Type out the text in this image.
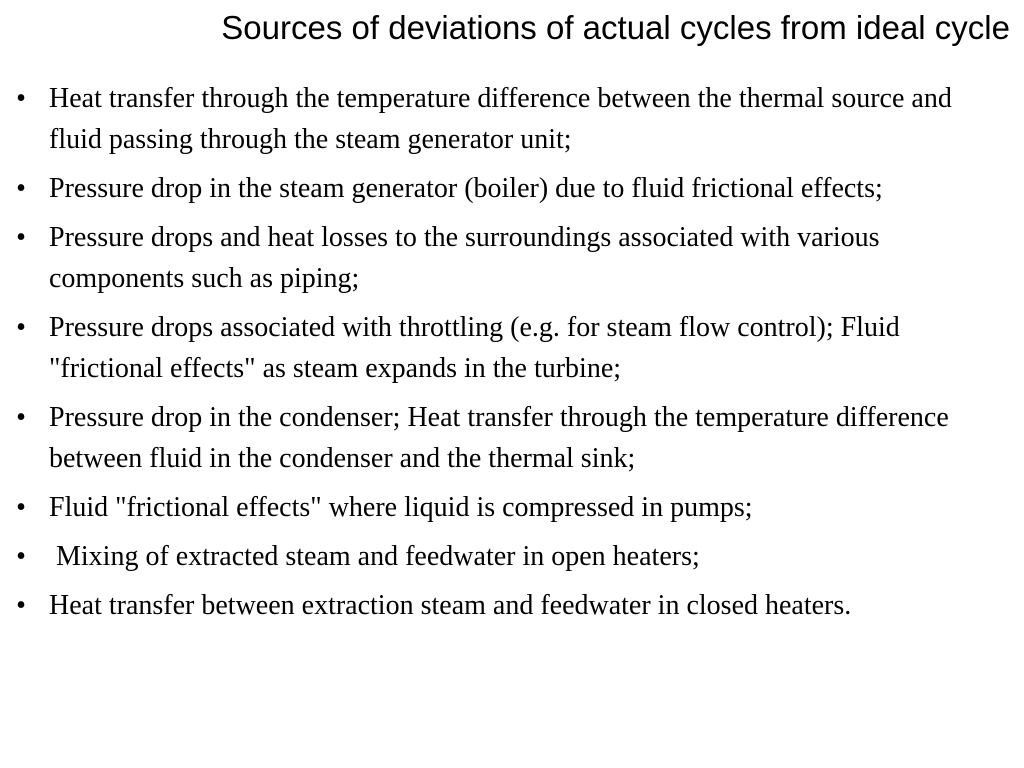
Sources of deviations of actual cycles from ideal cycle
• Heat transfer through the temperature difference between the thermal source and fluid passing through the steam generator unit;
• Pressure drop in the steam generator (boiler) due to fluid frictional effects;
• Pressure drops and heat losses to the surroundings associated with various components such as piping;
• Pressure drops associated with throttling (e.g. for steam flow control); Fluid "frictional effects" as steam expands in the turbine;
• Pressure drop in the condenser; Heat transfer through the temperature difference between fluid in the condenser and the thermal sink;
• Fluid "frictional effects" where liquid is compressed in pumps;
• Mixing of extracted steam and feedwater in open heaters;
• Heat transfer between extraction steam and feedwater in closed heaters.
